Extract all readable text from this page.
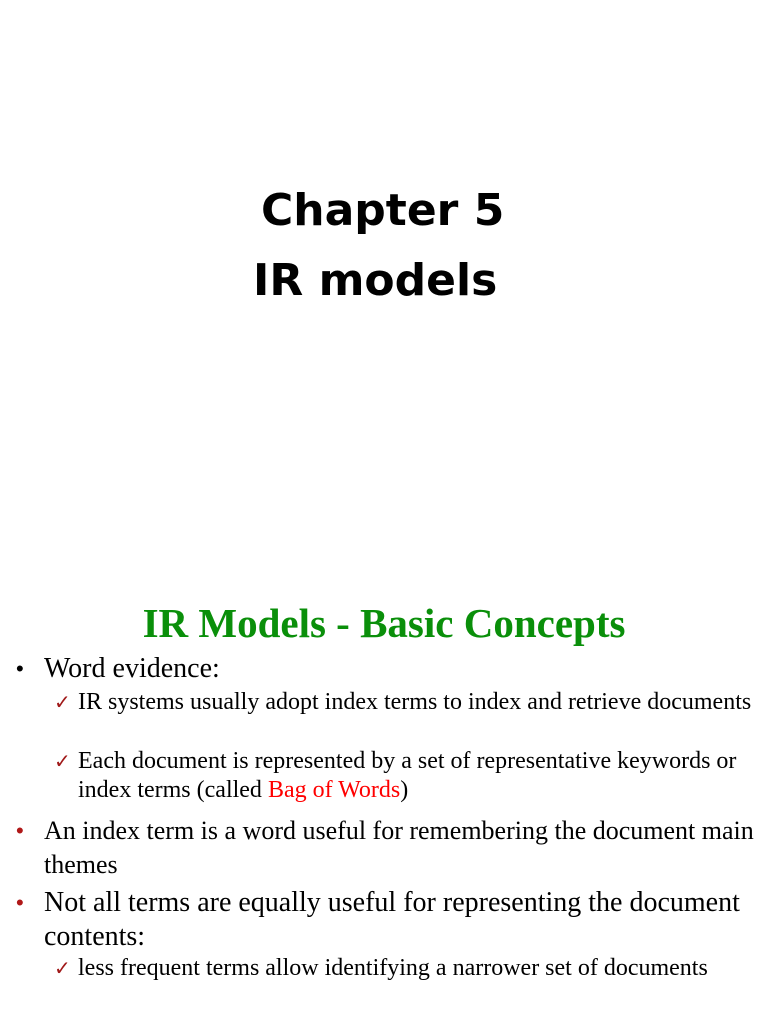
Chapter 5
IR models
IR Models - Basic Concepts
• Word evidence:
✓ IR systems usually adopt index terms to index and retrieve documents
✓ Each document is represented by a set of representative keywords or index terms (called Bag of Words)
• An index term is a word useful for remembering the document main themes
• Not all terms are equally useful for representing the document contents:
✓ less frequent terms allow identifying a narrower set of documents
